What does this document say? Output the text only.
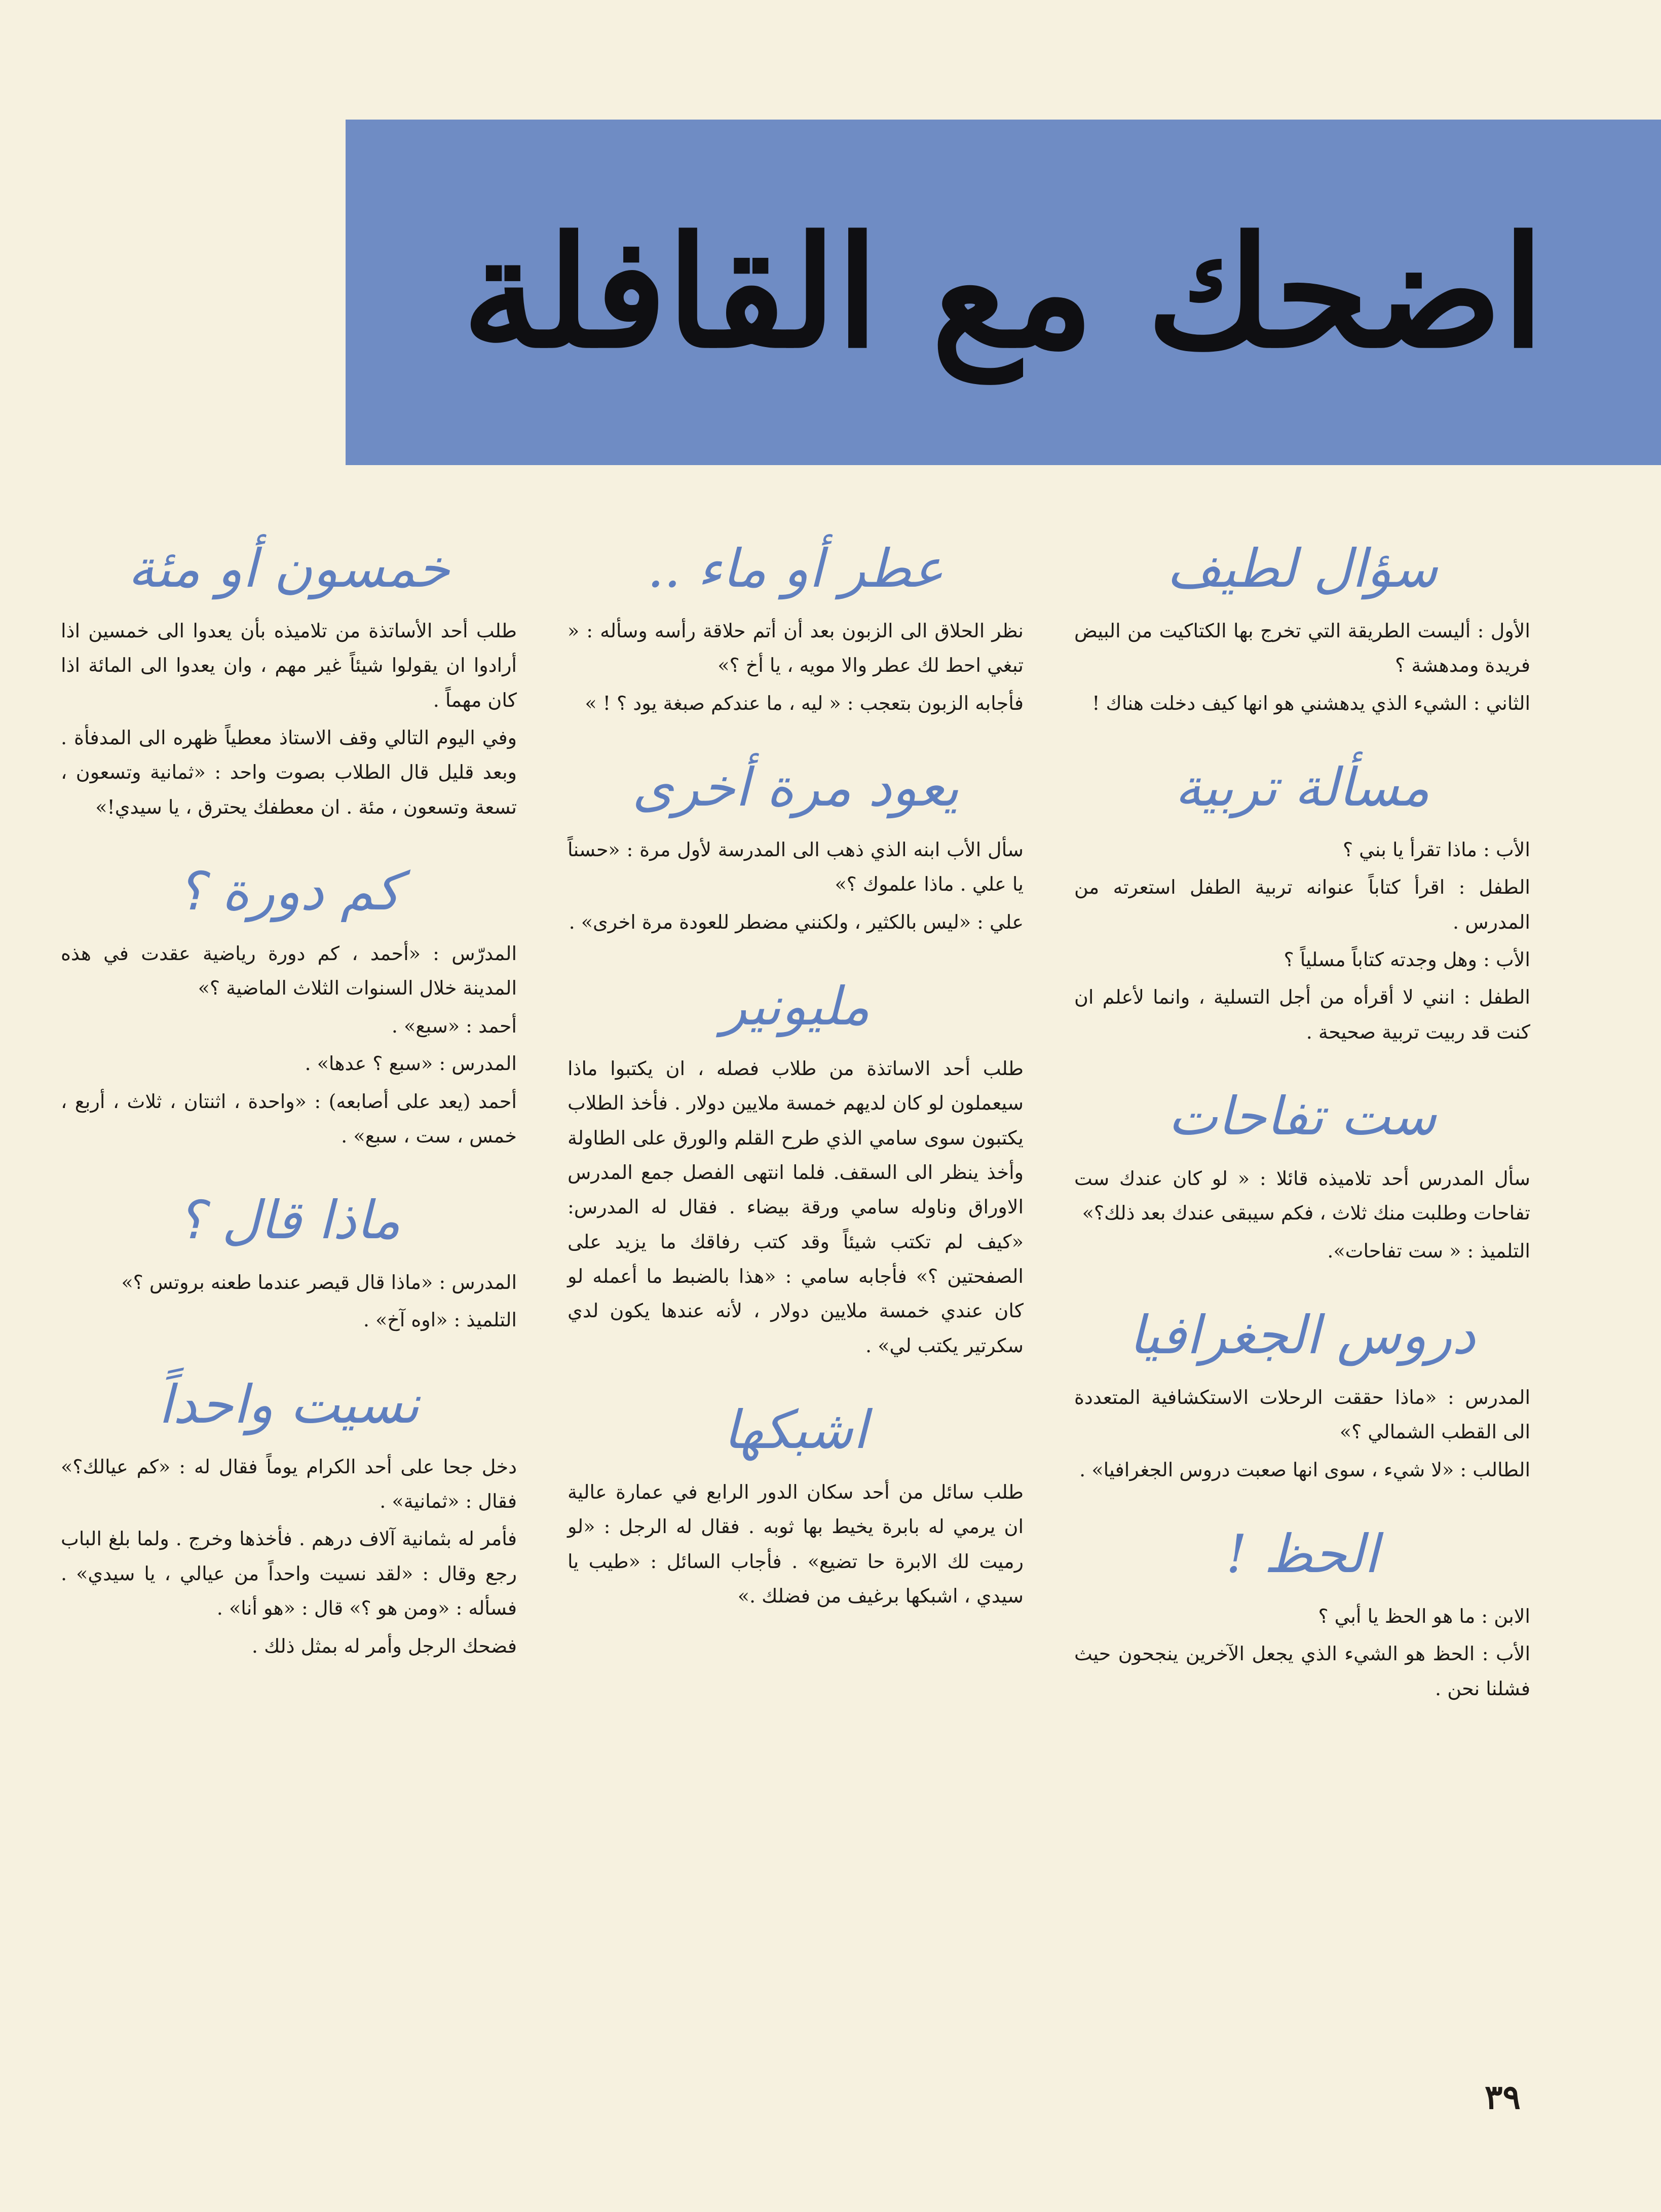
اضحك مع القافلة
سؤال لطيف

الأول : أليست الطريقة التي تخرج بها الكتاكيت من البيض فريدة ومدهشة ؟

الثاني : الشيء الذي يدهشني هو انها كيف دخلت هناك !

مسألة تربية

الأب : ماذا تقرأ يا بني ؟

الطفل : اقرأ كتاباً عنوانه تربية الطفل استعرته من المدرس .

الأب : وهل وجدته كتاباً مسلياً ؟

الطفل : انني لا أقرأه من أجل التسلية ، وانما لأعلم ان كنت قد ربيت تربية صحيحة .

ست تفاحات

سأل المدرس أحد تلاميذه قائلا : « لو كان عندك ست تفاحات وطلبت منك ثلاث ، فكم سيبقى عندك بعد ذلك؟»

التلميذ : « ست تفاحات».

دروس الجغرافيا

المدرس : «ماذا حققت الرحلات الاستكشافية المتعددة الى القطب الشمالي ؟»

الطالب : «لا شيء ، سوى انها صعبت دروس الجغرافيا» .

الحظ !

الابن : ما هو الحظ يا أبي ؟

الأب : الحظ هو الشيء الذي يجعل الآخرين ينجحون حيث فشلنا نحن .

عطر أو ماء ..

نظر الحلاق الى الزبون بعد أن أتم حلاقة رأسه وسأله : « تبغي احط لك عطر والا مويه ، يا أخ ؟»

فأجابه الزبون بتعجب : « ليه ، ما عندكم صبغة يود ؟ ! »

يعود مرة أخرى

سأل الأب ابنه الذي ذهب الى المدرسة لأول مرة : «حسناً يا علي . ماذا علموك ؟»

علي : «ليس بالكثير ، ولكنني مضطر للعودة مرة اخرى» .

مليونير

طلب أحد الاساتذة من طلاب فصله ، ان يكتبوا ماذا سيعملون لو كان لديهم خمسة ملايين دولار . فأخذ الطلاب يكتبون سوى سامي الذي طرح القلم والورق على الطاولة وأخذ ينظر الى السقف. فلما انتهى الفصل جمع المدرس الاوراق وناوله سامي ورقة بيضاء . فقال له المدرس: «كيف لم تكتب شيئاً وقد كتب رفاقك ما يزيد على الصفحتين ؟» فأجابه سامي : «هذا بالضبط ما أعمله لو كان عندي خمسة ملايين دولار ، لأنه عندها يكون لدي سكرتير يكتب لي» .

اشبكها

طلب سائل من أحد سكان الدور الرابع في عمارة عالية ان يرمي له بابرة يخيط بها ثوبه . فقال له الرجل : «لو رميت لك الابرة حا تضيع» . فأجاب السائل : «طيب يا سيدي ، اشبكها برغيف من فضلك .»

خمسون أو مئة

طلب أحد الأساتذة من تلاميذه بأن يعدوا الى خمسين اذا أرادوا ان يقولوا شيئاً غير مهم ، وان يعدوا الى المائة اذا كان مهماً .

وفي اليوم التالي وقف الاستاذ معطياً ظهره الى المدفأة . وبعد قليل قال الطلاب بصوت واحد : «ثمانية وتسعون ، تسعة وتسعون ، مئة . ان معطفك يحترق ، يا سيدي!»

كم دورة ؟

المدرّس : «أحمد ، كم دورة رياضية عقدت في هذه المدينة خلال السنوات الثلاث الماضية ؟»

أحمد : «سبع» .

المدرس : «سبع ؟ عدها» .

أحمد (يعد على أصابعه) : «واحدة ، اثنتان ، ثلاث ، أربع ، خمس ، ست ، سبع» .

ماذا قال ؟

المدرس : «ماذا قال قيصر عندما طعنه بروتس ؟»

التلميذ : «اوه آخ» .

نسيت واحداً

دخل جحا على أحد الكرام يوماً فقال له : «كم عيالك؟» فقال : «ثمانية» .

فأمر له بثمانية آلاف درهم . فأخذها وخرج . ولما بلغ الباب رجع وقال : «لقد نسيت واحداً من عيالي ، يا سيدي» . فسأله : «ومن هو ؟» قال : «هو أنا» .

فضحك الرجل وأمر له بمثل ذلك .

٣٩
